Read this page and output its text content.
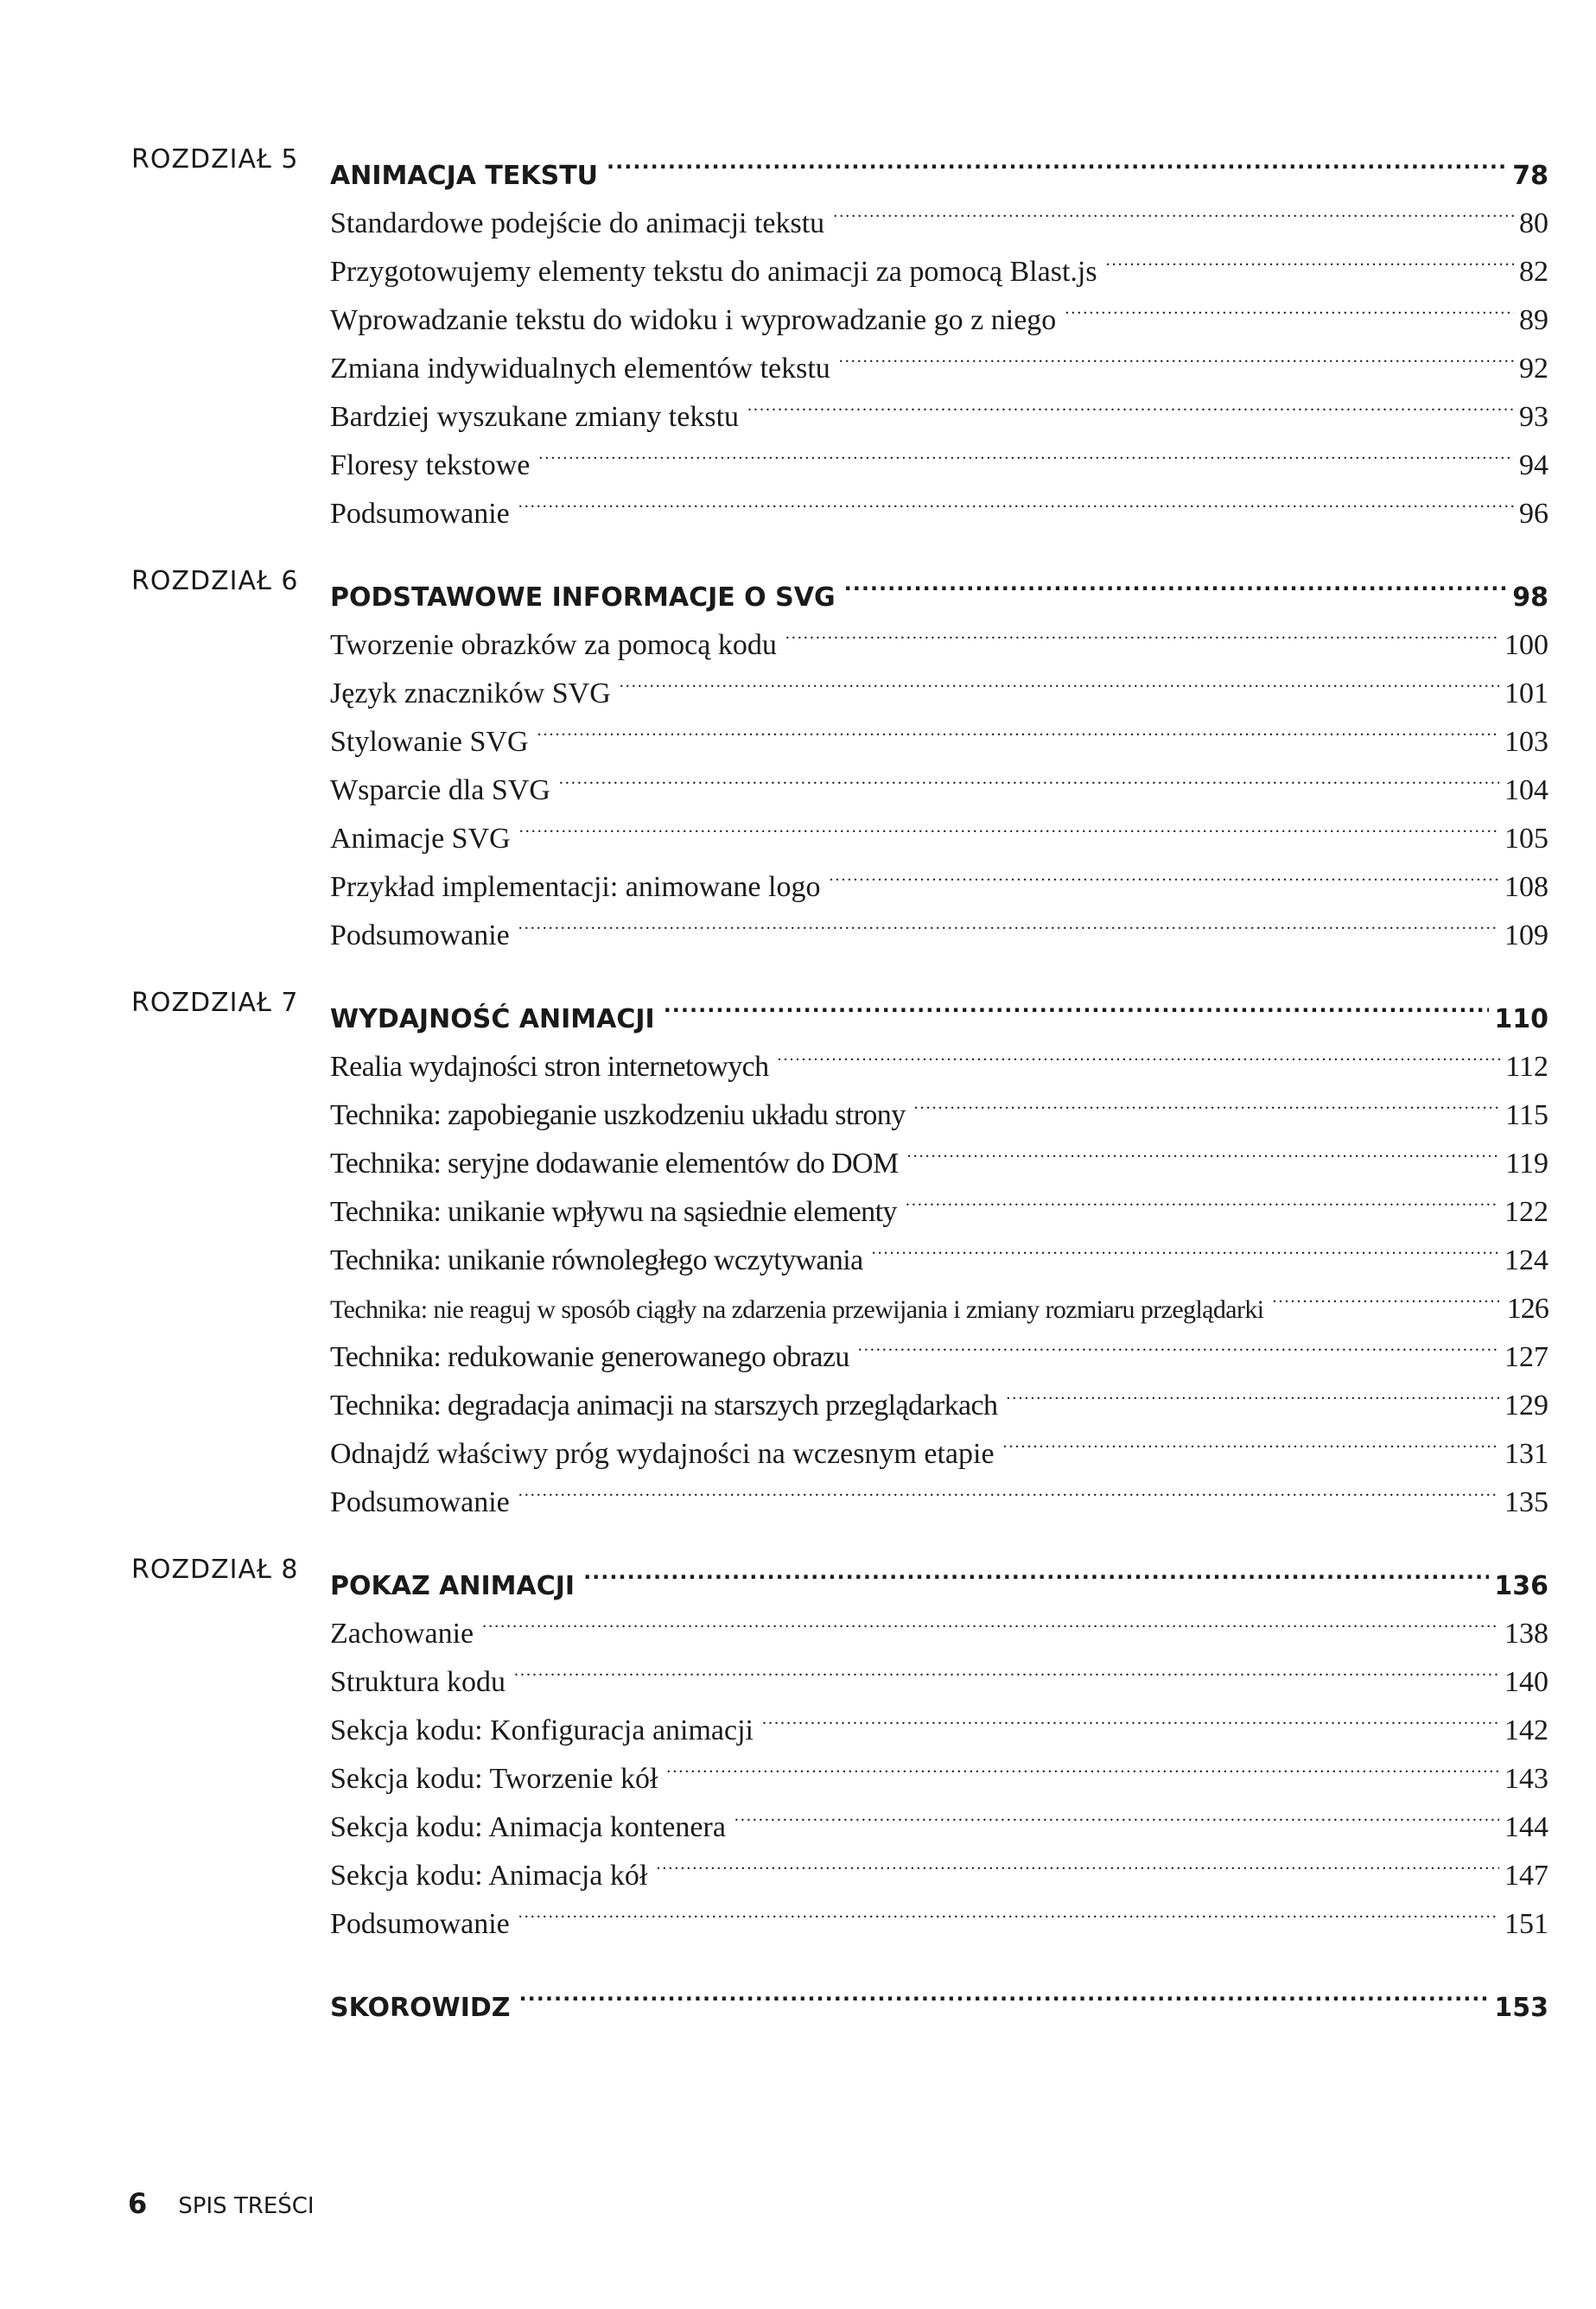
ROZDZIAŁ 5
ANIMACJA TEKSTU .....	78
Standardowe podejście do animacji tekstu .....	80
Przygotowujemy elementy tekstu do animacji za pomocą Blast.js .....	82
Wprowadzanie tekstu do widoku i wyprowadzanie go z niego .....	89
Zmiana indywidualnych elementów tekstu .....	92
Bardziej wyszukane zmiany tekstu .....	93
Floresy tekstowe .....	94
Podsumowanie .....	96
ROZDZIAŁ 6
PODSTAWOWE INFORMACJE O SVG .....	98
Tworzenie obrazków za pomocą kodu .....	100
Język znaczników SVG .....	101
Stylowanie SVG .....	103
Wsparcie dla SVG .....	104
Animacje SVG .....	105
Przykład implementacji: animowane logo .....	108
Podsumowanie .....	109
ROZDZIAŁ 7
WYDAJNOŚĆ ANIMACJI .....	110
Realia wydajności stron internetowych .....	112
Technika: zapobieganie uszkodzeniu układu strony .....	115
Technika: seryjne dodawanie elementów do DOM .....	119
Technika: unikanie wpływu na sąsiednie elementy .....	122
Technika: unikanie równoległego wczytywania .....	124
Technika: nie reaguj w sposób ciągły na zdarzenia przewijania i zmiany rozmiaru przeglądarki .....	126
Technika: redukowanie generowanego obrazu .....	127
Technika: degradacja animacji na starszych przeglądarkach .....	129
Odnajdź właściwy próg wydajności na wczesnym etapie .....	131
Podsumowanie .....	135
ROZDZIAŁ 8
POKAZ ANIMACJI .....	136
Zachowanie .....	138
Struktura kodu .....	140
Sekcja kodu: Konfiguracja animacji .....	142
Sekcja kodu: Tworzenie kół .....	143
Sekcja kodu: Animacja kontenera .....	144
Sekcja kodu: Animacja kół .....	147
Podsumowanie .....	151
SKOROWIDZ .....	153
6 SPIS TREŚCI
